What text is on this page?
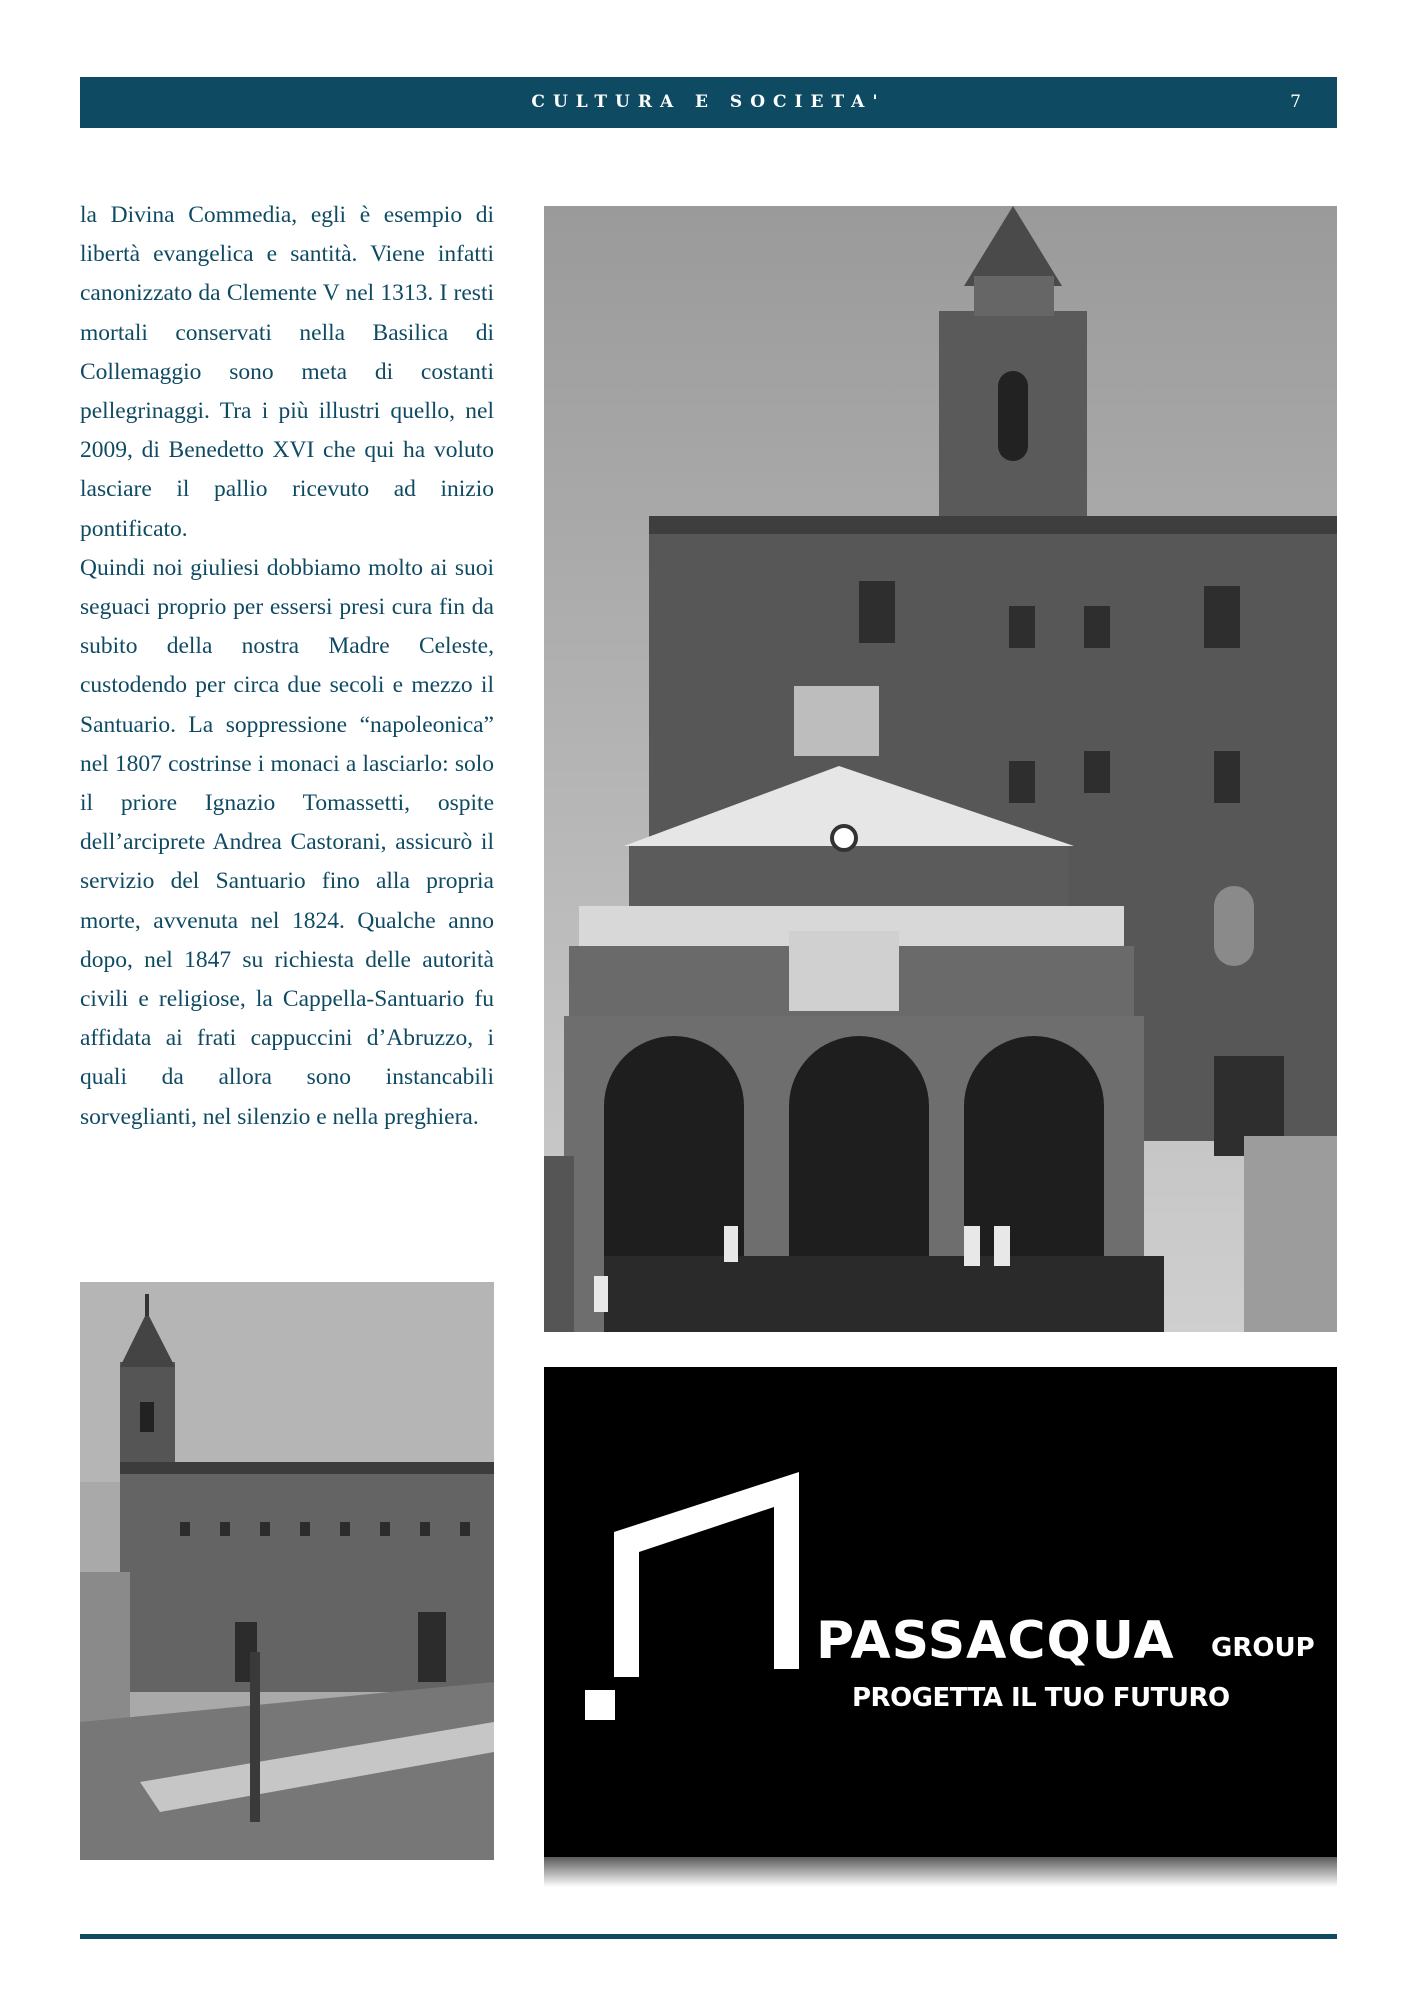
CULTURA E SOCIETA'	7

la Divina Commedia, egli è esempio di libertà evangelica e santità. Viene infatti canonizzato da Clemente V nel 1313. I resti mortali conservati nella Basilica di Collemaggio sono meta di costanti pellegrinaggi. Tra i più illustri quello, nel 2009, di Benedetto XVI che qui ha voluto lasciare il pallio ricevuto ad inizio pontificato.

Quindi noi giuliesi dobbiamo molto ai suoi seguaci proprio per essersi presi cura fin da subito della nostra Madre Celeste, custodendo per circa due secoli e mezzo il Santuario. La soppressione “napoleonica” nel 1807 costrinse i monaci a lasciarlo: solo il priore Ignazio Tomassetti, ospite dell’arciprete Andrea Castorani, assicurò il servizio del Santuario fino alla propria morte, avvenuta nel 1824. Qualche anno dopo, nel 1847 su richiesta delle autorità civili e religiose, la Cappella-Santuario fu affidata ai frati cappuccini d’Abruzzo, i quali da allora sono instancabili sorveglianti, nel silenzio e nella preghiera.

PASSACQUA GROUP
PROGETTA IL TUO FUTURO
